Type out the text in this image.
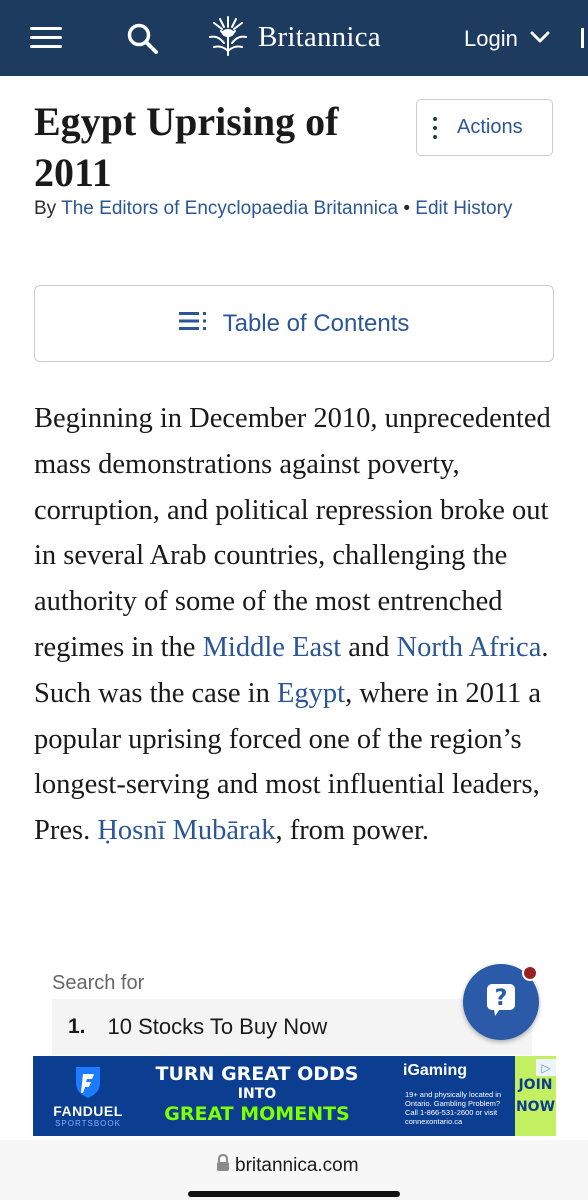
Britannica	Login
Egypt Uprising of 2011
Actions
By The Editors of Encyclopaedia Britannica • Edit History
Table of Contents

Beginning in December 2010, unprecedented mass demonstrations against poverty, corruption, and political repression broke out in several Arab countries, challenging the authority of some of the most entrenched regimes in the Middle East and North Africa. Such was the case in Egypt, where in 2011 a popular uprising forced one of the region’s longest-serving and most influential leaders, Pres. Ḥosnī Mubārak, from power.

Search for
1. 10 Stocks To Buy Now
?
FANDUEL
SPORTSBOOK
TURN GREAT ODDS
INTO
GREAT MOMENTS
iGaming
19+ and physically located in Ontario. Gambling Problem? Call 1-866-531-2600 or visit connexontario.ca
JOIN
NOW
▷
britannica.com
